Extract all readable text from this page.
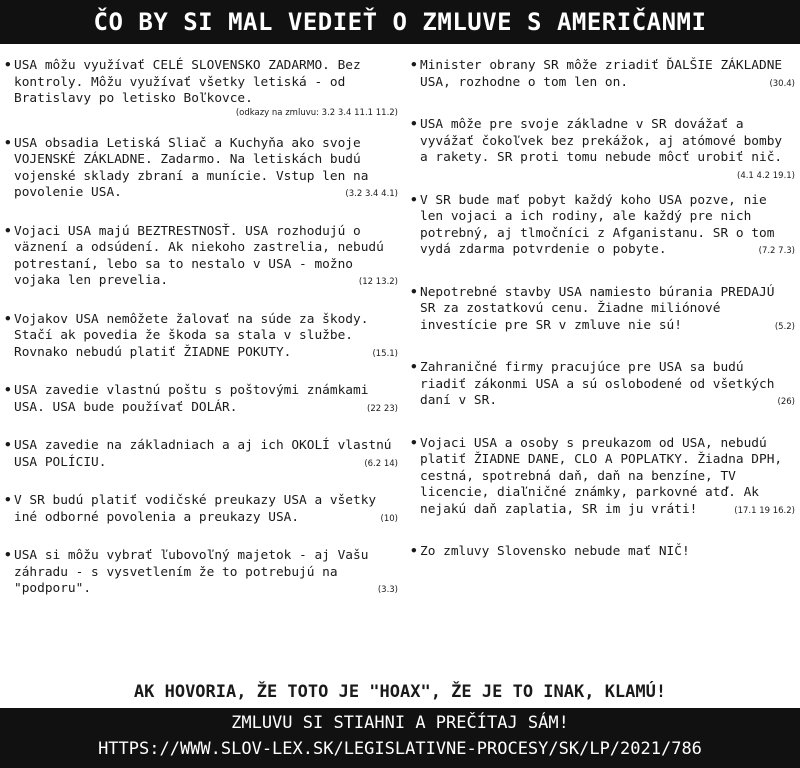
ČO BY SI MAL VEDIEŤ O ZMLUVE S AMERIČANMI
• USA môžu využívať CELÉ SLOVENSKO ZADARMO. Bez kontroly. Môžu využívať všetky letiská - od Bratislavy po letisko Boľkovce.
(odkazy na zmluvu: 3.2 3.4 11.1 11.2)
• USA obsadia Letiská Sliač a Kuchyňa ako svoje VOJENSKÉ ZÁKLADNE. Zadarmo. Na letiskách budú vojenské sklady zbraní a munície. Vstup len na povolenie USA.	(3.2 3.4 4.1)
• Vojaci USA majú BEZTRESTNOSŤ. USA rozhodujú o väznení a odsúdení. Ak niekoho zastrelia, nebudú potrestaní, lebo sa to nestalo v USA - možno vojaka len prevelia.	(12 13.2)
• Vojakov USA nemôžete žalovať na súde za škody. Stačí ak povedia že škoda sa stala v službe. Rovnako nebudú platiť ŽIADNE POKUTY.	(15.1)
• USA zavedie vlastnú poštu s poštovými známkami USA. USA bude používať DOLÁR.	(22 23)
• USA zavedie na základniach a aj ich OKOLÍ vlastnú USA POLÍCIU.	(6.2 14)
• V SR budú platiť vodičské preukazy USA a všetky iné odborné povolenia a preukazy USA.	(10)
• USA si môžu vybrať ľubovoľný majetok - aj Vašu záhradu - s vysvetlením že to potrebujú na "podporu".	(3.3)
• Minister obrany SR môže zriadiť ĎALŠIE ZÁKLADNE USA, rozhodne o tom len on.	(30.4)
• USA môže pre svoje základne v SR dovážať a vyvážať čokoľvek bez prekážok, aj atómové bomby a rakety. SR proti tomu nebude môcť urobiť nič.
(4.1 4.2 19.1)
• V SR bude mať pobyt každý koho USA pozve, nie len vojaci a ich rodiny, ale každý pre nich potrebný, aj tlmočníci z Afganistanu. SR o tom vydá zdarma potvrdenie o pobyte.	(7.2 7.3)
• Nepotrebné stavby USA namiesto búrania PREDAJÚ SR za zostatkovú cenu. Žiadne miliónové investície pre SR v zmluve nie sú!	(5.2)
• Zahraničné firmy pracujúce pre USA sa budú riadiť zákonmi USA a sú oslobodené od všetkých daní v SR.	(26)
• Vojaci USA a osoby s preukazom od USA, nebudú platiť ŽIADNE DANE, CLO A POPLATKY. Žiadna DPH, cestná, spotrebná daň, daň na benzíne, TV licencie, diaľničné známky, parkovné atď. Ak nejakú daň zaplatia, SR im ju vráti!	(17.1 19 16.2)
• Zo zmluvy Slovensko nebude mať NIČ!
AK HOVORIA, ŽE TOTO JE "HOAX", ŽE JE TO INAK, KLAMÚ!
ZMLUVU SI STIAHNI A PREČÍTAJ SÁM!
HTTPS://WWW.SLOV-LEX.SK/LEGISLATIVNE-PROCESY/SK/LP/2021/786
